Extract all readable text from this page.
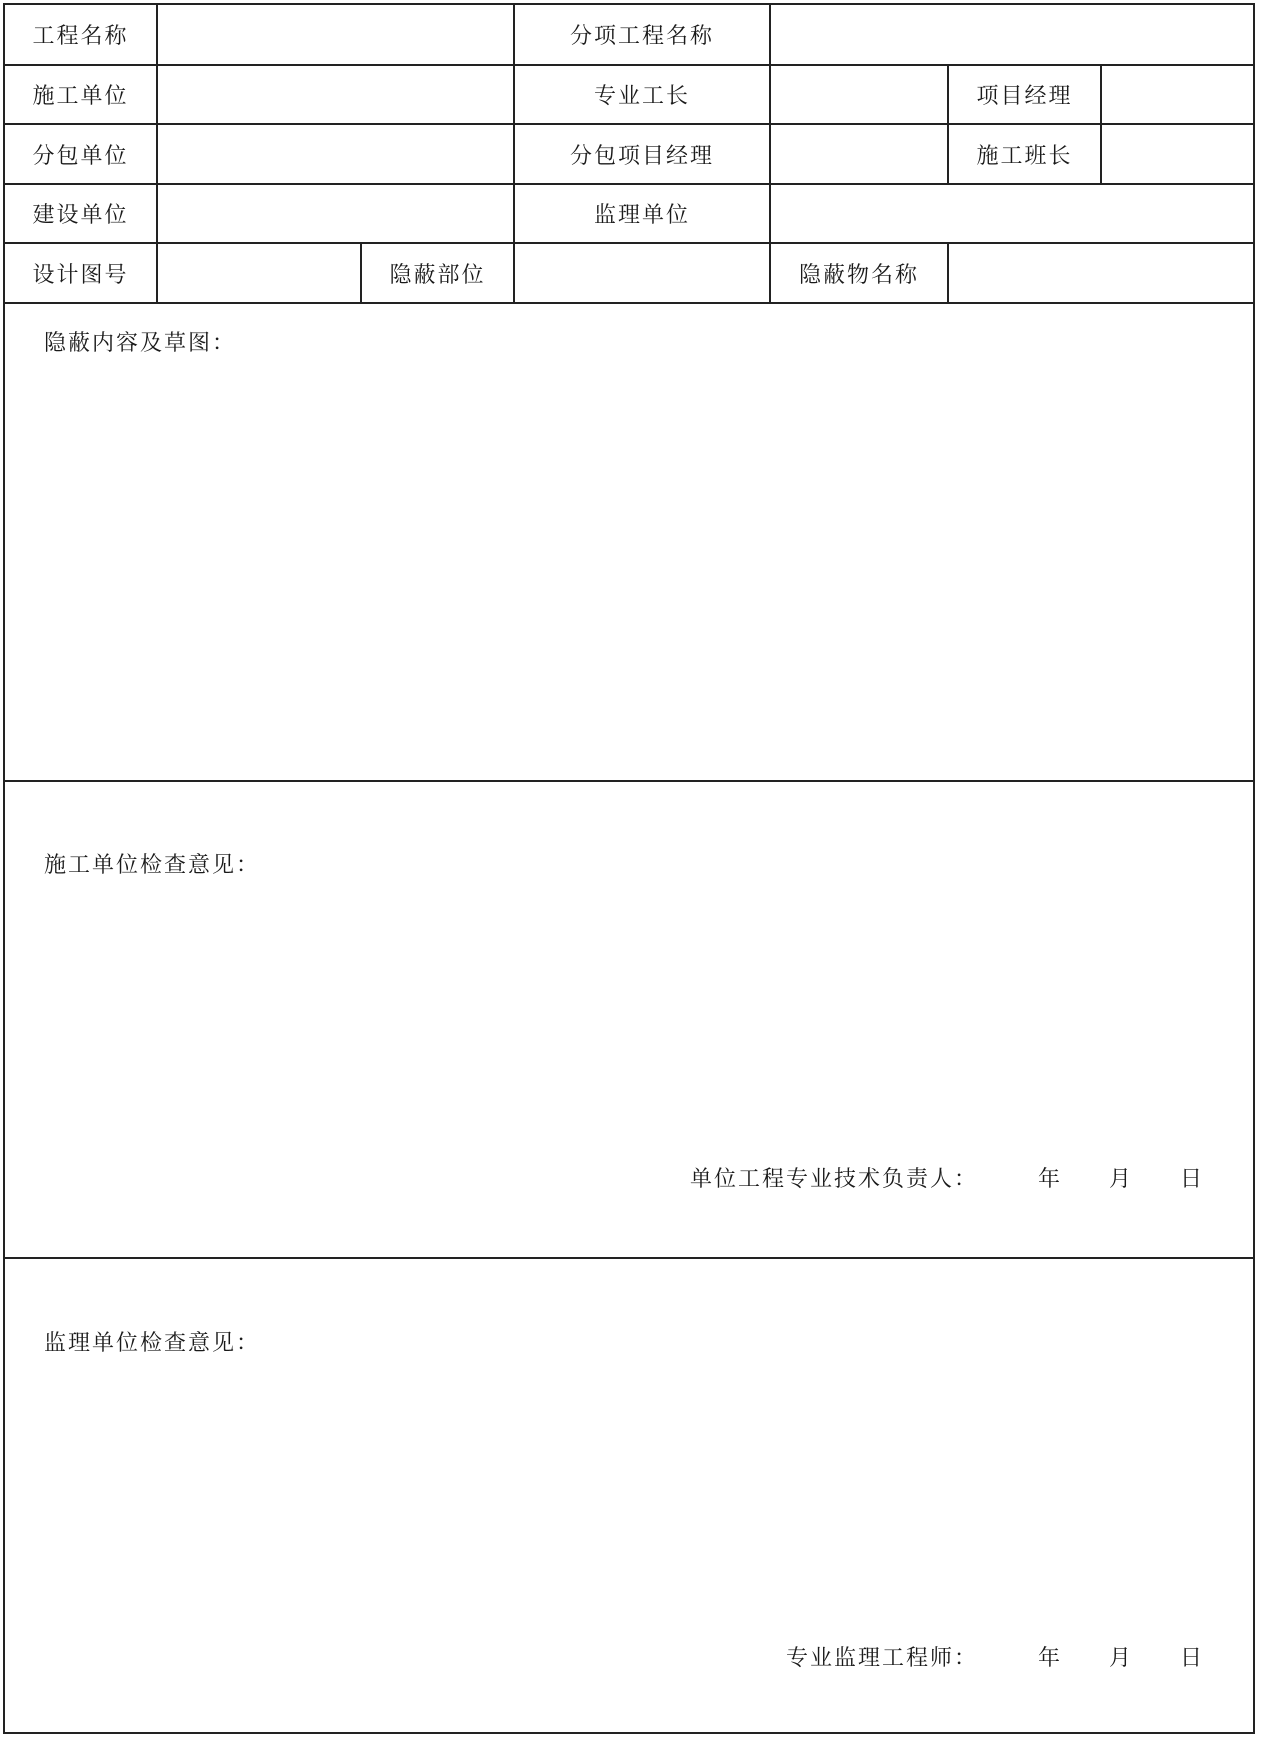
工程名称	分项工程名称
施工单位	专业工长	项目经理
分包单位	分包项目经理	施工班长
建设单位	监理单位
设计图号	隐蔽部位	隐蔽物名称
隐蔽内容及草图：
施工单位检查意见：
单位工程专业技术负责人：	年	月	日
监理单位检查意见：
专业监理工程师：	年	月	日
